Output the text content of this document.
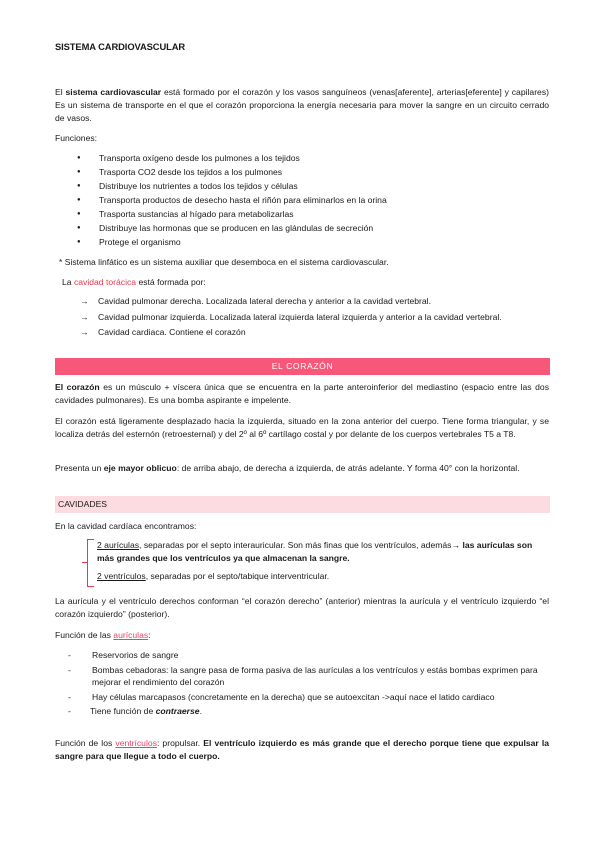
SISTEMA CARDIOVASCULAR
El sistema cardiovascular está formado por el corazón y los vasos sanguíneos (venas[aferente], arterias[eferente] y capilares) Es un sistema de transporte en el que el corazón proporciona la energía necesaria para mover la sangre en un circuito cerrado de vasos.
Funciones:
● Transporta oxígeno desde los pulmones a los tejidos
● Trasporta CO2 desde los tejidos a los pulmones
● Distribuye los nutrientes a todos los tejidos y células
● Transporta productos de desecho hasta el riñón para eliminarlos en la orina
● Trasporta sustancias al hígado para metabolizarlas
● Distribuye las hormonas que se producen en las glándulas de secreción
● Protege el organismo
* Sistema linfático es un sistema auxiliar que desemboca en el sistema cardiovascular.
La cavidad torácica está formada por:
→ Cavidad pulmonar derecha. Localizada lateral derecha y anterior a la cavidad vertebral.
→ Cavidad pulmonar izquierda. Localizada lateral izquierda lateral izquierda y anterior a la cavidad vertebral.
→ Cavidad cardiaca. Contiene el corazón
EL CORAZÓN
El corazón es un músculo + víscera única que se encuentra en la parte anteroinferior del mediastino (espacio entre las dos cavidades pulmonares). Es una bomba aspirante e impelente.
El corazón está ligeramente desplazado hacia la izquierda, situado en la zona anterior del cuerpo. Tiene forma triangular, y se localiza detrás del esternón (retroesternal) y del 2º al 6º cartílago costal y por delante de los cuerpos vertebrales T5 a T8.
Presenta un eje mayor oblicuo: de arriba abajo, de derecha a izquierda, de atrás adelante. Y forma 40° con la horizontal.
CAVIDADES
En la cavidad cardíaca encontramos:
2 aurículas, separadas por el septo interauricular. Son más finas que los ventrículos, además→ las aurículas son más grandes que los ventrículos ya que almacenan la sangre.
2 ventrículos, separadas por el septo/tabique interventricular.
La aurícula y el ventrículo derechos conforman “el corazón derecho” (anterior) mientras la aurícula y el ventrículo izquierdo “el corazón izquierdo” (posterior).
Función de las aurículas:
- Reservorios de sangre
- Bombas cebadoras: la sangre pasa de forma pasiva de las aurículas a los ventrículos y estás bombas exprimen para mejorar el rendimiento del corazón
- Hay células marcapasos (concretamente en la derecha) que se autoexcitan ->aquí nace el latido cardiaco
- Tiene función de contraerse.
Función de los ventrículos: propulsar. El ventrículo izquierdo es más grande que el derecho porque tiene que expulsar la sangre para que llegue a todo el cuerpo.
